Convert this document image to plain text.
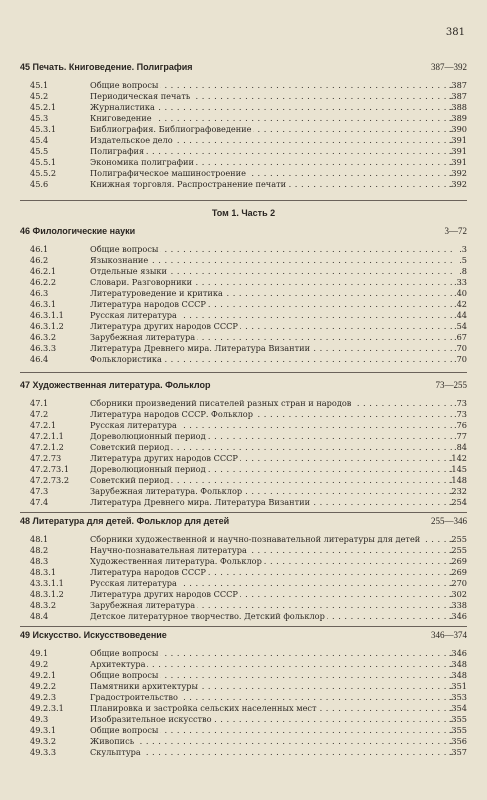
381
45 Печать. Книговедение. Полиграфия	387—392
45.1	. . . Общие вопросы	.387
45.2	. . . Периодическая печать	.387
45.2.1	. . . Журналистика	.388
45.3	. . . Книговедение	.389
45.3.1	. . . Библиография. Библиографоведение	.390
45.4	. . . Издательское дело	.391
45.5	. . . Полиграфия	.391
45.5.1	. . . Экономика полиграфии	.391
45.5.2	. . . Полиграфическое машиностроение	.392
45.6	. . . Книжная торговля. Распространение печати	.392
Том 1. Часть 2
46 Филологические науки	3—72
46.1	. . . Общие вопросы	.3
46.2	. . . Языкознание	.5
46.2.1	. . . Отдельные языки	.8
46.2.2	. . . Словари. Разговорники	.33
46.3	. . . Литературоведение и критика	.40
46.3.1	. . . Литература народов СССР	.42
46.3.1.1	. . . Русская литература	.44
46.3.1.2	. . . Литература других народов СССР	.54
46.3.2	. . . Зарубежная литература	.67
46.3.3	. . . Литература Древнего мира. Литература Византии	.70
46.4	. . . Фольклористика	.70
47 Художественная литература. Фольклор	73—255
47.1	. . . Сборники произведений писателей разных стран и народов	.73
47.2	. . . Литература народов СССР. Фольклор	.73
47.2.1	. . . Русская литература	.76
47.2.1.1	. . . Дореволюционный период	.77
47.2.1.2	. . . Советский период	.84
47.2.73	. . . Литература других народов СССР	.142
47.2.73.1	. . . Дореволюционный период	.145
47.2.73.2	. . . Советский период	.148
47.3	. . . Зарубежная литература. Фольклор	.232
47.4	. . . Литература Древнего мира. Литература Византии	.254
48 Литература для детей. Фольклор для детей	255—346
48.1	. . . Сборники художественной и научно-познавательной литературы для детей	.255
48.2	. . . Научно-познавательная литература	.255
48.3	. . . Художественная литература. Фольклор	.269
48.3.1	. . . Литература народов СССР	.269
43.3.1.1	. . . Русская литература	.270
48.3.1.2	. . . Литература других народов СССР	.302
48.3.2	. . . Зарубежная литература	.338
48.4	. . . Детское литературное творчество. Детский фольклор	.346
49 Искусство. Искусствоведение	346—374
49.1	. . . Общие вопросы	.346
49.2	. . . Архитектура	.348
49.2.1	. . . Общие вопросы	.348
49.2.2	. . . Памятники архитектуры	.351
49.2.3	. . . Градостроительство	.353
49.2.3.1	. . . Планировка и застройка сельских населенных мест	.354
49.3	. . . Изобразительное искусство	.355
49.3.1	. . . Общие вопросы	.355
49.3.2	. . . Живопись	.356
49.3.3	. . . Скульптура	.357
